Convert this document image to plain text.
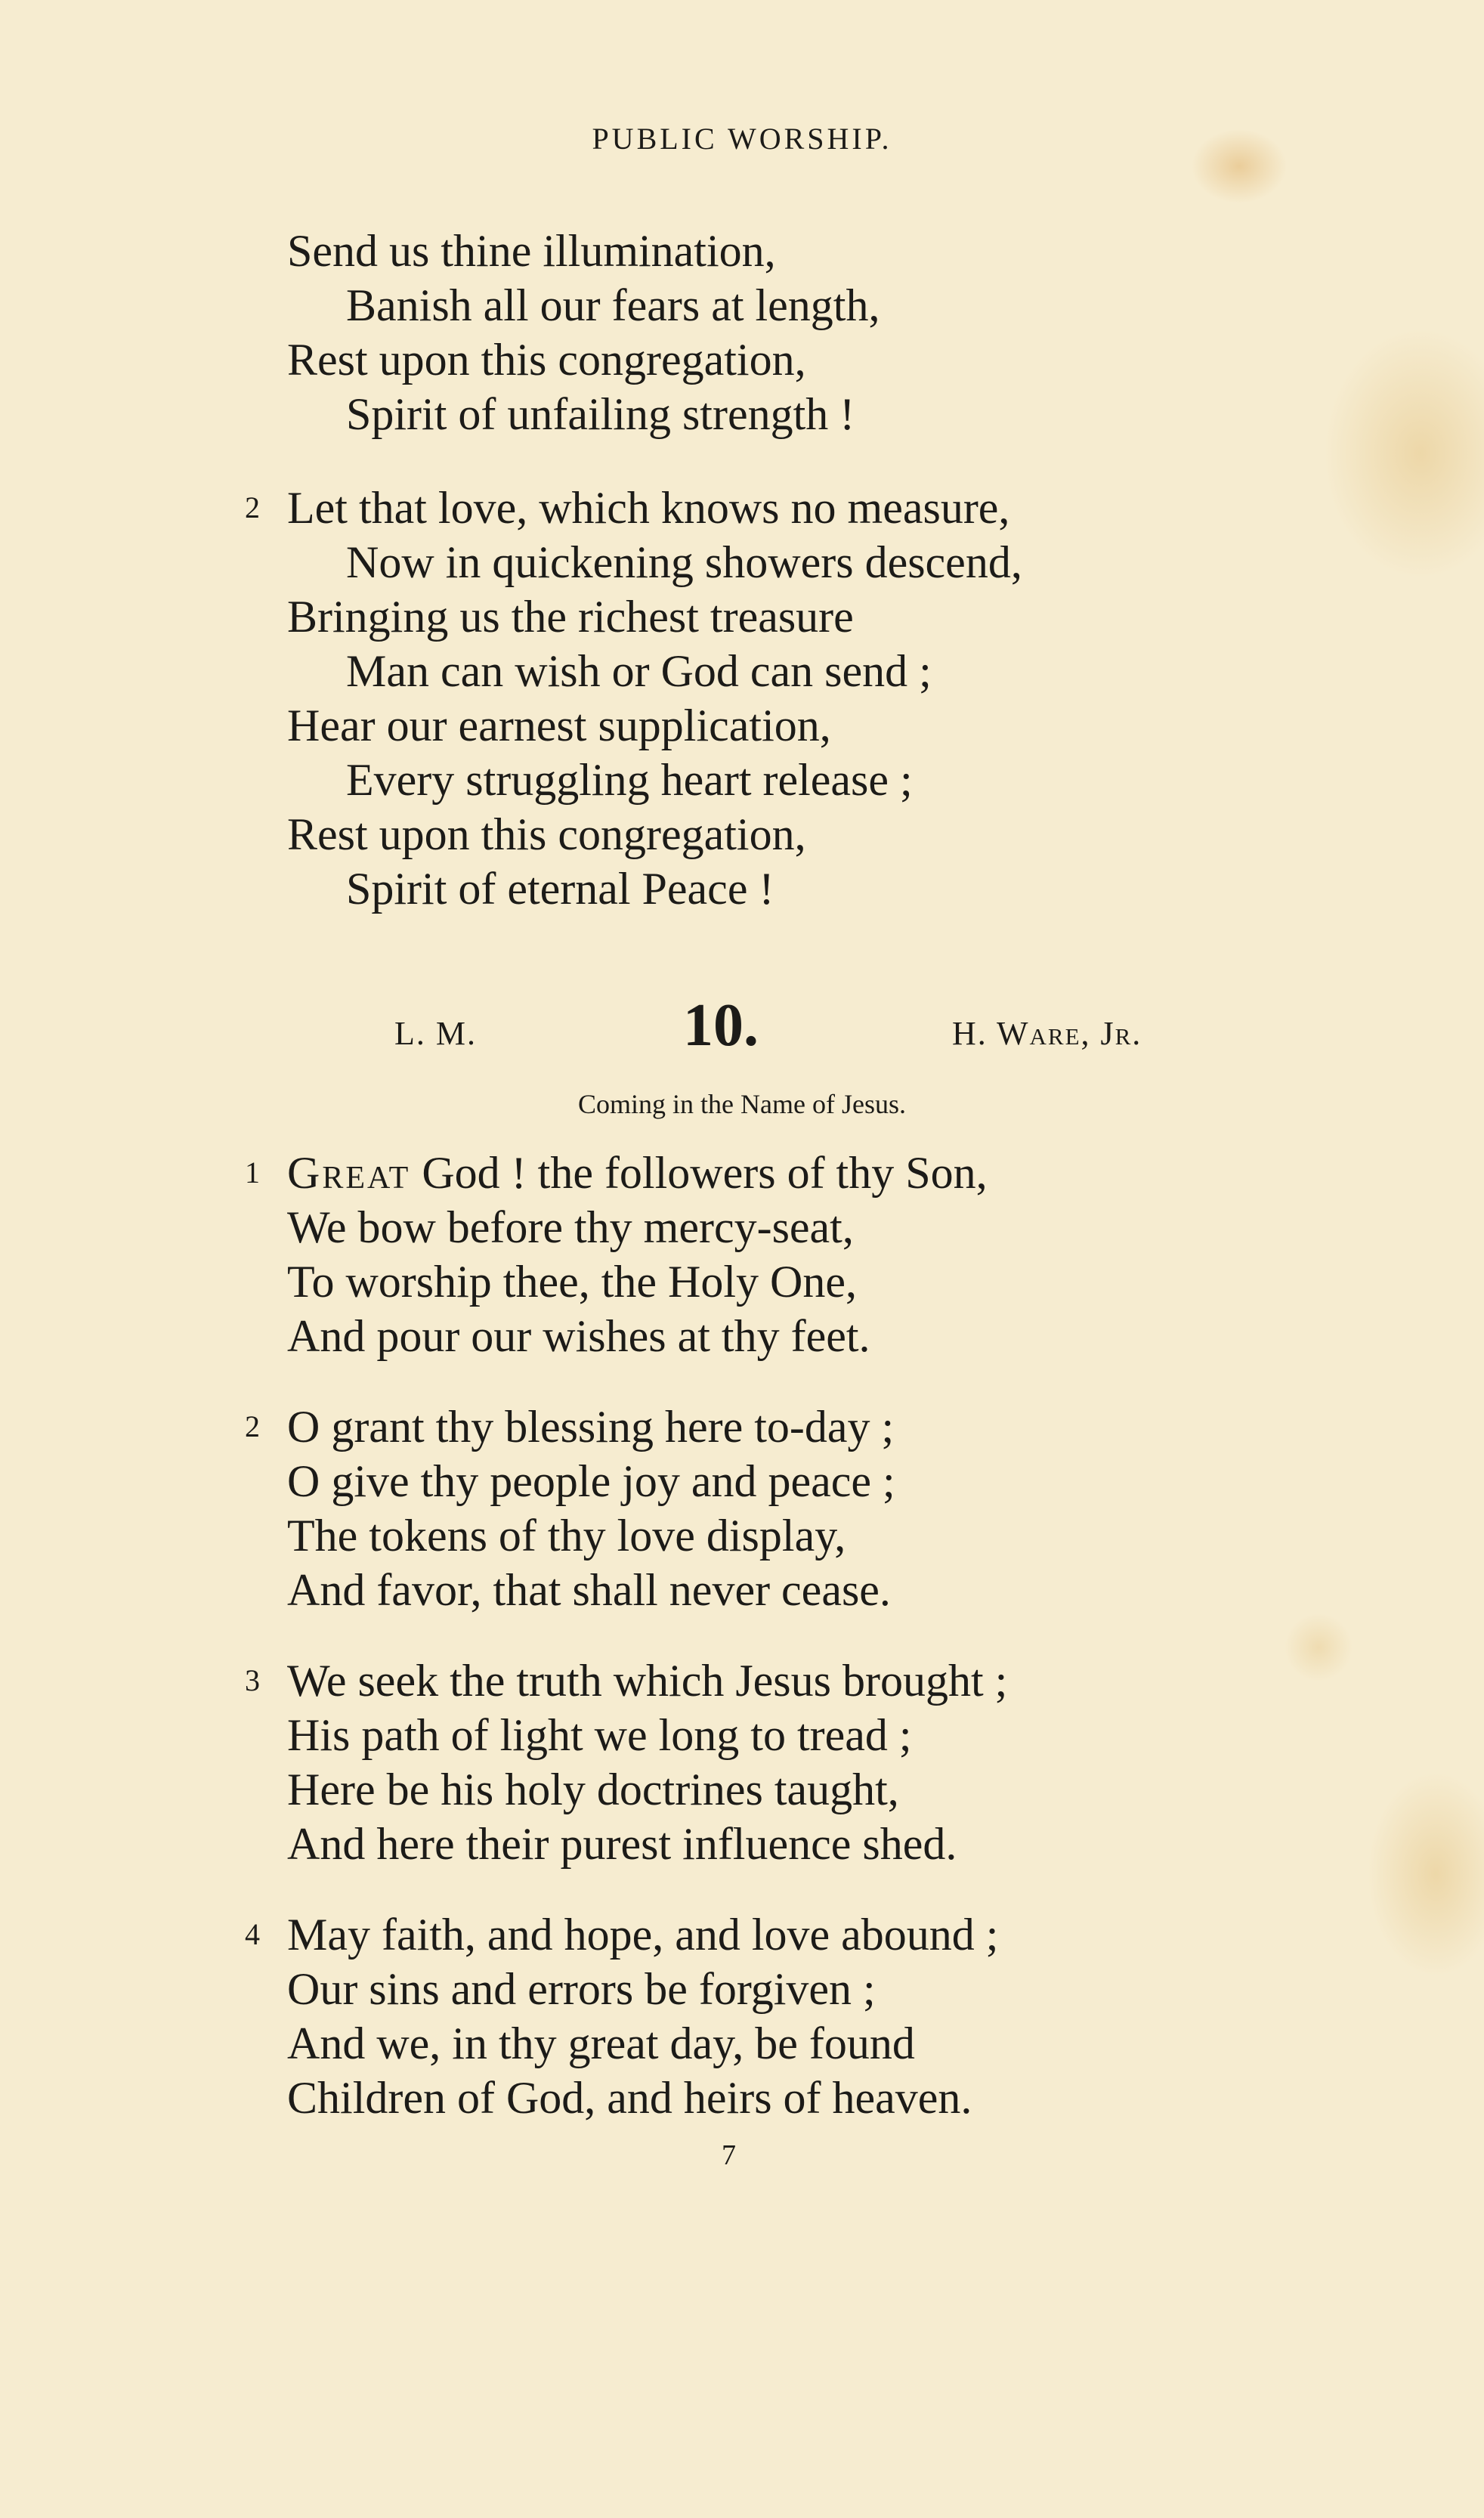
PUBLIC WORSHIP.
Send us thine illumination,
Banish all our fears at length,
Rest upon this congregation,
Spirit of unfailing strength !
2 Let that love, which knows no measure,
Now in quickening showers descend,
Bringing us the richest treasure
Man can wish or God can send ;
Hear our earnest supplication,
Every struggling heart release ;
Rest upon this congregation,
Spirit of eternal Peace !
L. M.	10.	H. Ware, Jr.
Coming in the Name of Jesus.
1 Great God ! the followers of thy Son,
We bow before thy mercy-seat,
To worship thee, the Holy One,
And pour our wishes at thy feet.
2 O grant thy blessing here to-day ;
O give thy people joy and peace ;
The tokens of thy love display,
And favor, that shall never cease.
3 We seek the truth which Jesus brought ;
His path of light we long to tread ;
Here be his holy doctrines taught,
And here their purest influence shed.
4 May faith, and hope, and love abound ;
Our sins and errors be forgiven ;
And we, in thy great day, be found
Children of God, and heirs of heaven.
7
